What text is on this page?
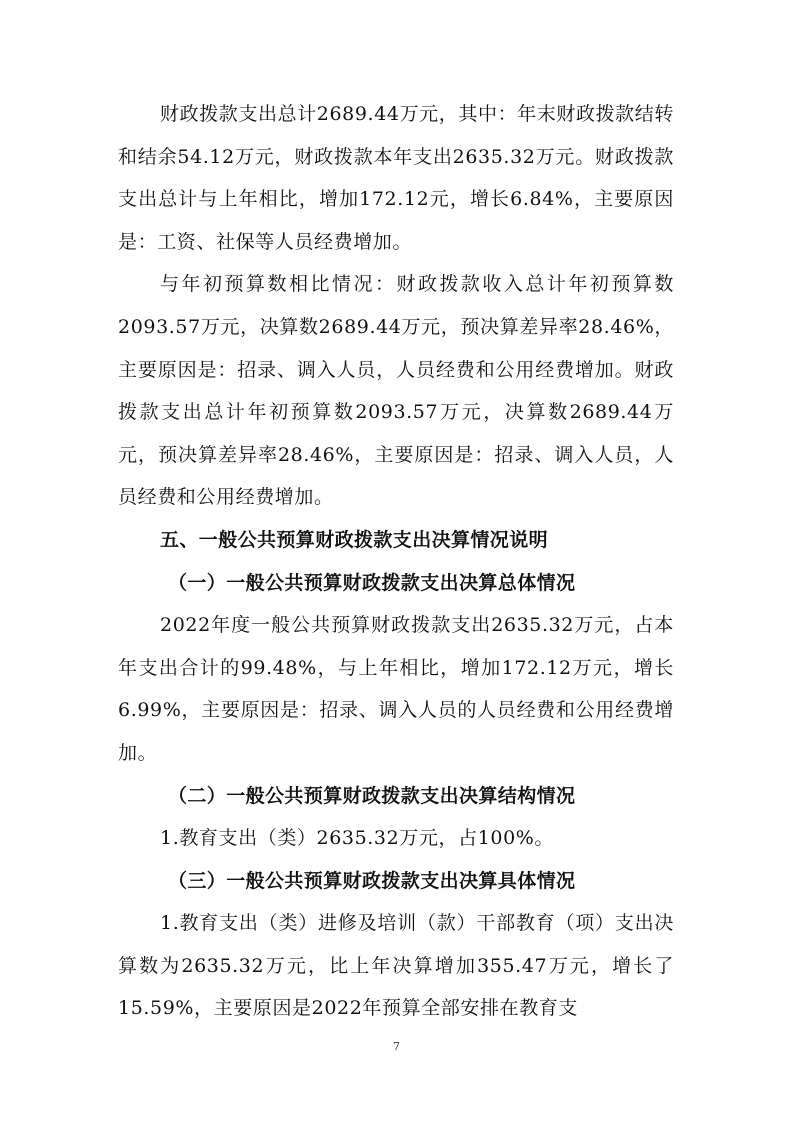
财政拨款支出总计2689.44万元，其中：年末财政拨款结转和结余54.12万元，财政拨款本年支出2635.32万元。财政拨款支出总计与上年相比，增加172.12元，增长6.84%，主要原因是：工资、社保等人员经费增加。

与年初预算数相比情况：财政拨款收入总计年初预算数2093.57万元，决算数2689.44万元，预决算差异率28.46%，主要原因是：招录、调入人员，人员经费和公用经费增加。财政拨款支出总计年初预算数2093.57万元，决算数2689.44万元，预决算差异率28.46%，主要原因是：招录、调入人员，人员经费和公用经费增加。

五、一般公共预算财政拨款支出决算情况说明

（一）一般公共预算财政拨款支出决算总体情况

2022年度一般公共预算财政拨款支出2635.32万元，占本年支出合计的99.48%，与上年相比，增加172.12万元，增长6.99%，主要原因是：招录、调入人员的人员经费和公用经费增加。

（二）一般公共预算财政拨款支出决算结构情况

1.教育支出（类）2635.32万元，占100%。

（三）一般公共预算财政拨款支出决算具体情况

1.教育支出（类）进修及培训（款）干部教育（项）支出决算数为2635.32万元，比上年决算增加355.47万元，增长了15.59%，主要原因是2022年预算全部安排在教育支

7
